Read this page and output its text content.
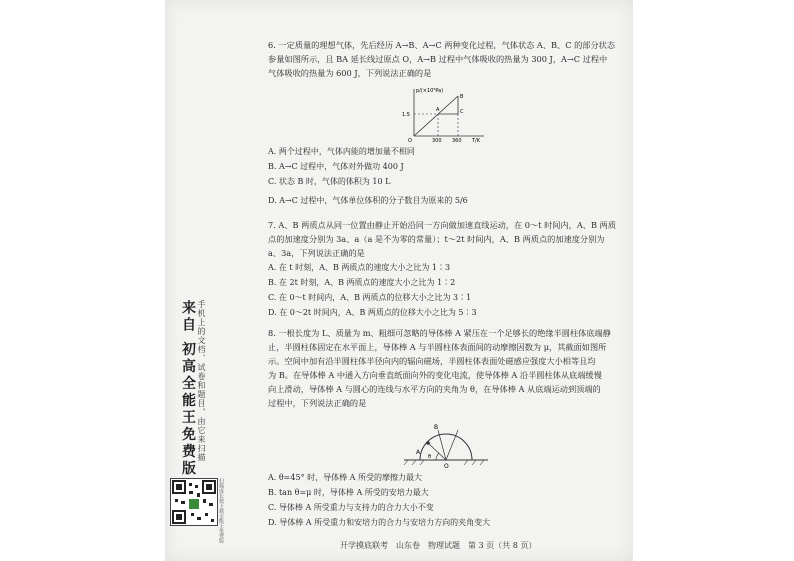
来自 初高全能王免费版 手机上的文档、试卷和题目，由它来扫描
扫描或长按下载全能王免费版

6. 一定质量的理想气体，先后经历 A→B、A→C 两种变化过程，气体状态 A、B、C 的部分状态

参量如图所示，且 BA 延长线过原点 O，A→B 过程中气体吸收的热量为 300 J，A→C 过程中

气体吸收的热量为 600 J，下列说法正确的是

p/(×10⁵Pa)
1.5
O	300 360 T/K
A
B
C

A. 两个过程中，气体内能的增加量不相同

B. A→C 过程中，气体对外做功 400 J

C. 状态 B 时，气体的体积为 10 L

D. A→C 过程中，气体单位体积的分子数目为原来的 5/6

7. A、B 两质点从同一位置由静止开始沿同一方向做加速直线运动，在 0～t 时间内，A、B 两质

点的加速度分别为 3a、a（a 是不为零的常量）；t～2t 时间内，A、B 两质点的加速度分别为

a、3a，下列说法正确的是

A. 在 t 时刻，A、B 两质点的速度大小之比为 1∶3

B. 在 2t 时刻，A、B 两质点的速度大小之比为 1∶2

C. 在 0～t 时间内，A、B 两质点的位移大小之比为 3∶1

D. 在 0～2t 时间内，A、B 两质点的位移大小之比为 5∶3

8. 一根长度为 L、质量为 m、粗细可忽略的导体棒 A 紧压在一个足够长的绝缘半圆柱体底端静

止，半圆柱体固定在水平面上，导体棒 A 与半圆柱体表面间的动摩擦因数为 μ，其截面如图所

示。空间中加有沿半圆柱体半径向内的辐向磁场，半圆柱体表面处磁感应强度大小相等且均

为 B。在导体棒 A 中通入方向垂直纸面向外的变化电流，使导体棒 A 沿半圆柱体从底端缓慢

向上滑动，导体棒 A 与圆心的连线与水平方向的夹角为 θ，在导体棒 A 从底端运动到顶端的

过程中，下列说法正确的是

B
A
θ
O

A. θ=45° 时，导体棒 A 所受的摩擦力最大

B. tan θ=μ 时，导体棒 A 所受的安培力最大

C. 导体棒 A 所受重力与支持力的合力大小不变

D. 导体棒 A 所受重力和安培力的合力与安培力方向的夹角变大

开学摸底联考　山东卷　物理试题　第 3 页（共 8 页）
